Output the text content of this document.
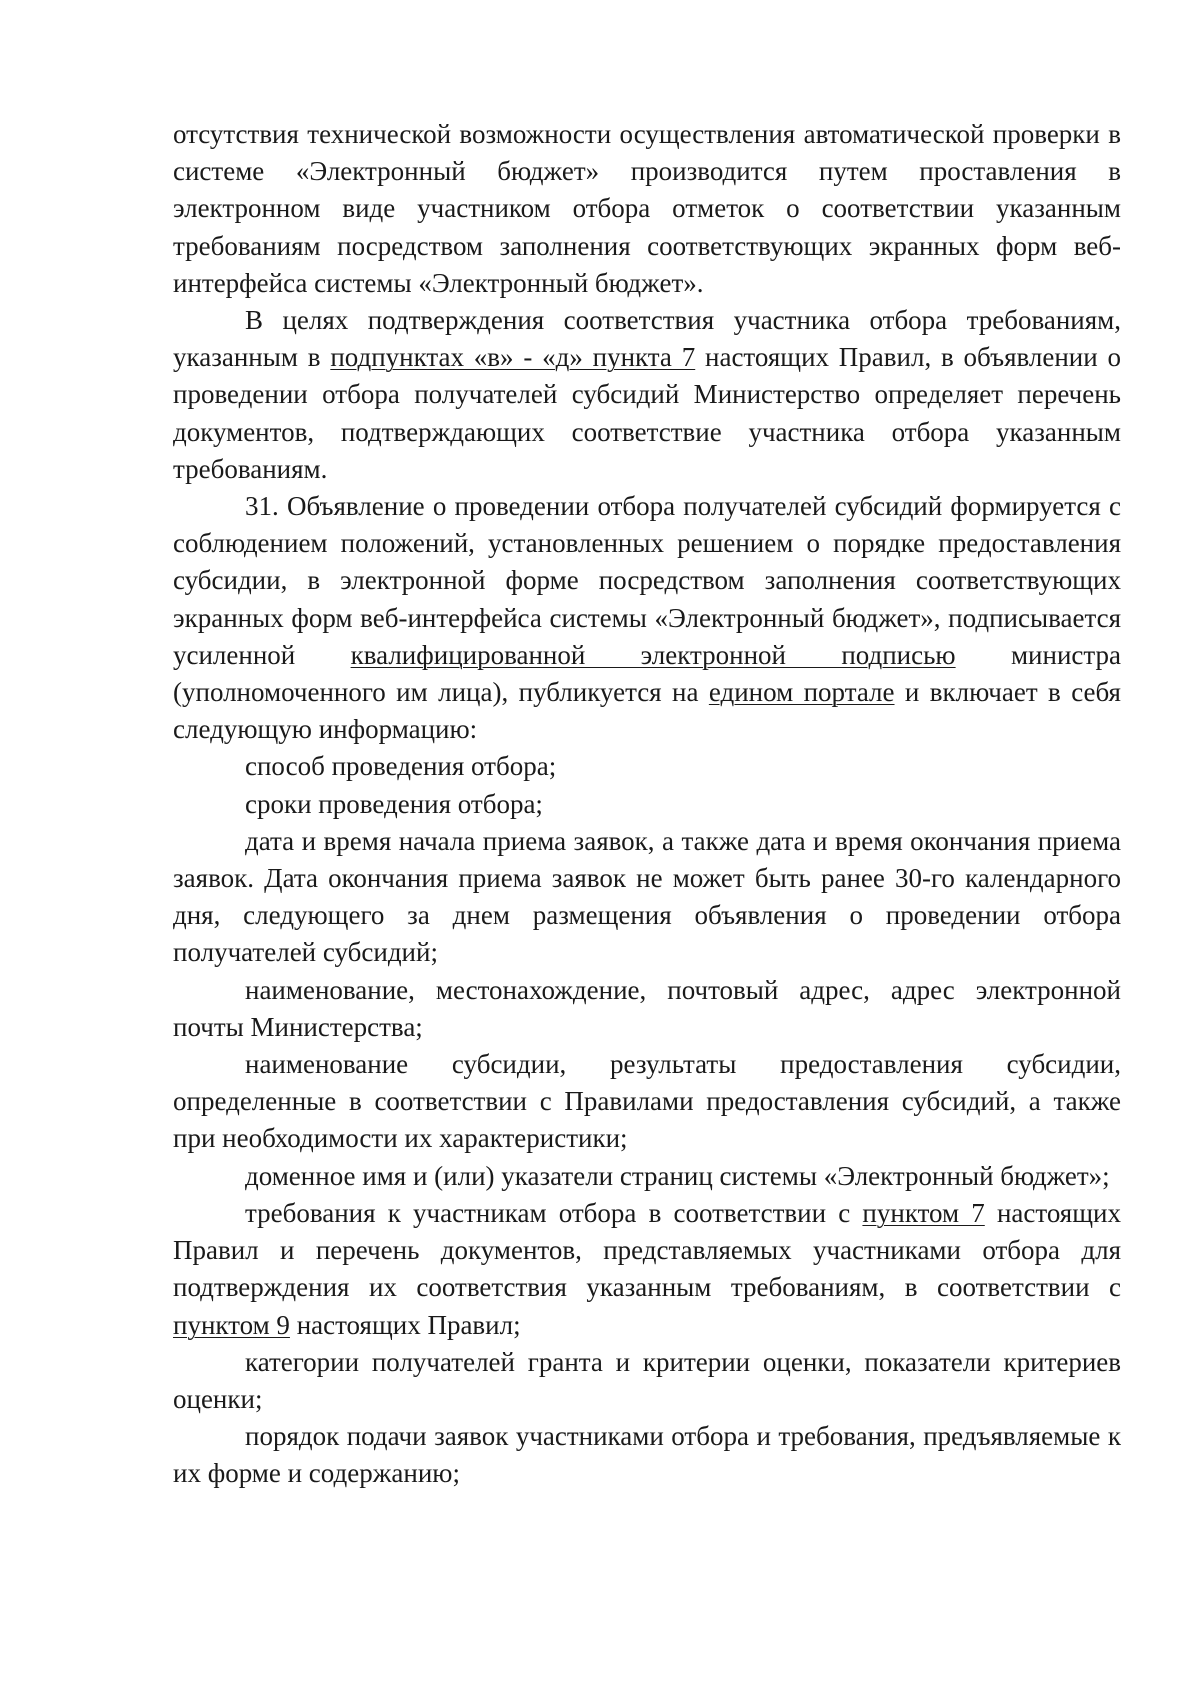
отсутствия технической возможности осуществления автоматической проверки в системе «Электронный бюджет» производится путем проставления в электронном виде участником отбора отметок о соответствии указанным требованиям посредством заполнения соответствующих экранных форм веб-интерфейса системы «Электронный бюджет».

В целях подтверждения соответствия участника отбора требованиям, указанным в подпунктах «в» - «д» пункта 7 настоящих Правил, в объявлении о проведении отбора получателей субсидий Министерство определяет перечень документов, подтверждающих соответствие участника отбора указанным требованиям.

31. Объявление о проведении отбора получателей субсидий формируется с соблюдением положений, установленных решением о порядке предоставления субсидии, в электронной форме посредством заполнения соответствующих экранных форм веб-интерфейса системы «Электронный бюджет», подписывается усиленной квалифицированной электронной подписью министра (уполномоченного им лица), публикуется на едином портале и включает в себя следующую информацию:

способ проведения отбора;

сроки проведения отбора;

дата и время начала приема заявок, а также дата и время окончания приема заявок. Дата окончания приема заявок не может быть ранее 30-го календарного дня, следующего за днем размещения объявления о проведении отбора получателей субсидий;

наименование, местонахождение, почтовый адрес, адрес электронной почты Министерства;

наименование субсидии, результаты предоставления субсидии, определенные в соответствии с Правилами предоставления субсидий, а также при необходимости их характеристики;

доменное имя и (или) указатели страниц системы «Электронный бюджет»;

требования к участникам отбора в соответствии с пунктом 7 настоящих Правил и перечень документов, представляемых участниками отбора для подтверждения их соответствия указанным требованиям, в соответствии с пунктом 9 настоящих Правил;

категории получателей гранта и критерии оценки, показатели критериев оценки;

порядок подачи заявок участниками отбора и требования, предъявляемые к их форме и содержанию;
